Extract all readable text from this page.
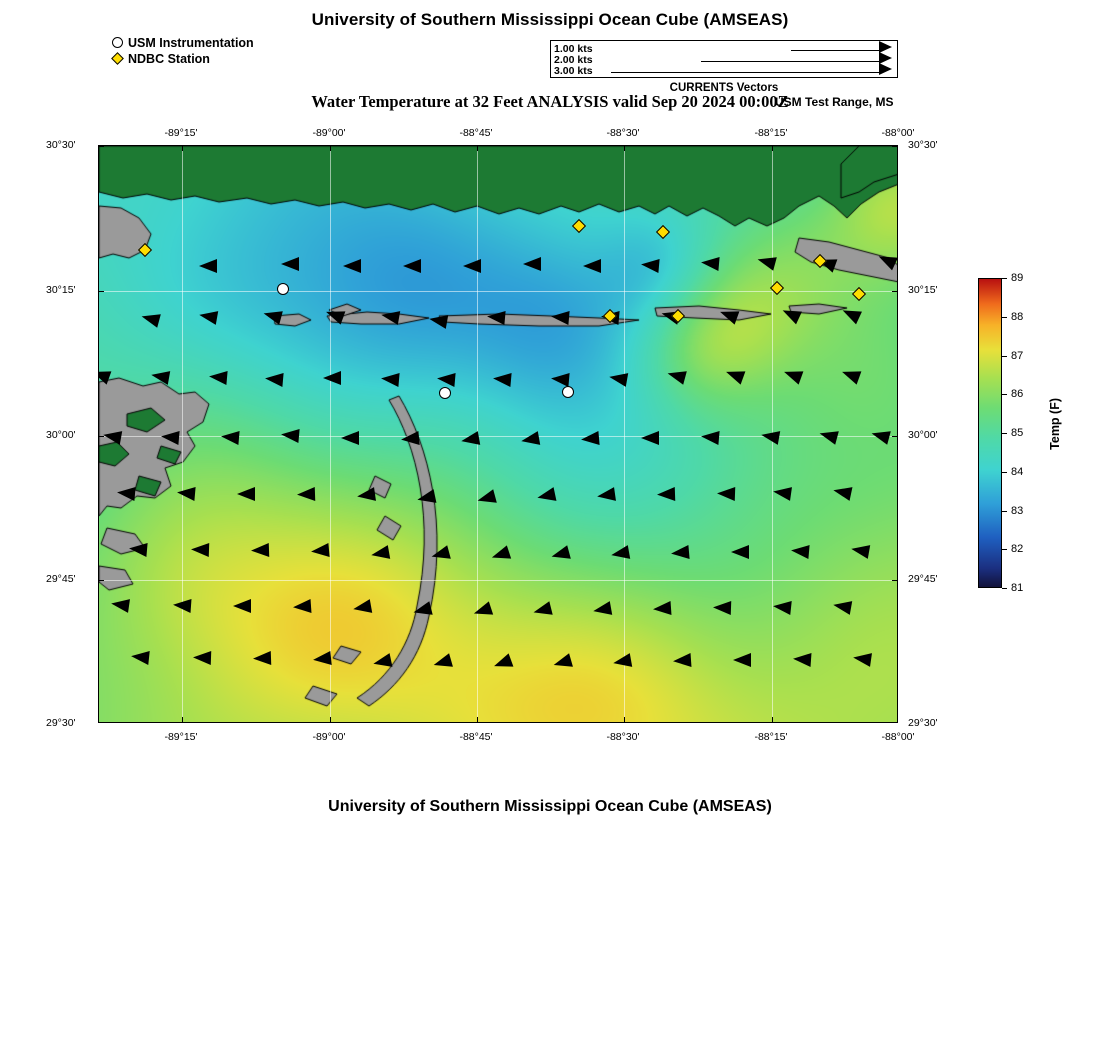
University of Southern Mississippi Ocean Cube (AMSEAS)
Water Temperature at 32 Feet ANALYSIS valid Sep 20 2024 00:00Z
USM Test Range, MS
University of Southern Mississippi Ocean Cube (AMSEAS)
USM Instrumentation
NDBC Station
1.00 kts
2.00 kts
3.00 kts
CURRENTS Vectors
-89°15'	-89°00'	-88°45'	-88°30'	-88°15'	-88°00'
-89°15'	-89°00'	-88°45'	-88°30'	-88°15'	-88°00'
30°30'
30°15'
30°00'
29°45'
29°30'
30°30'
30°15'
30°00'
29°45'
29°30'
81
82
83
84
85
86
87
88
89
Temp (F)
